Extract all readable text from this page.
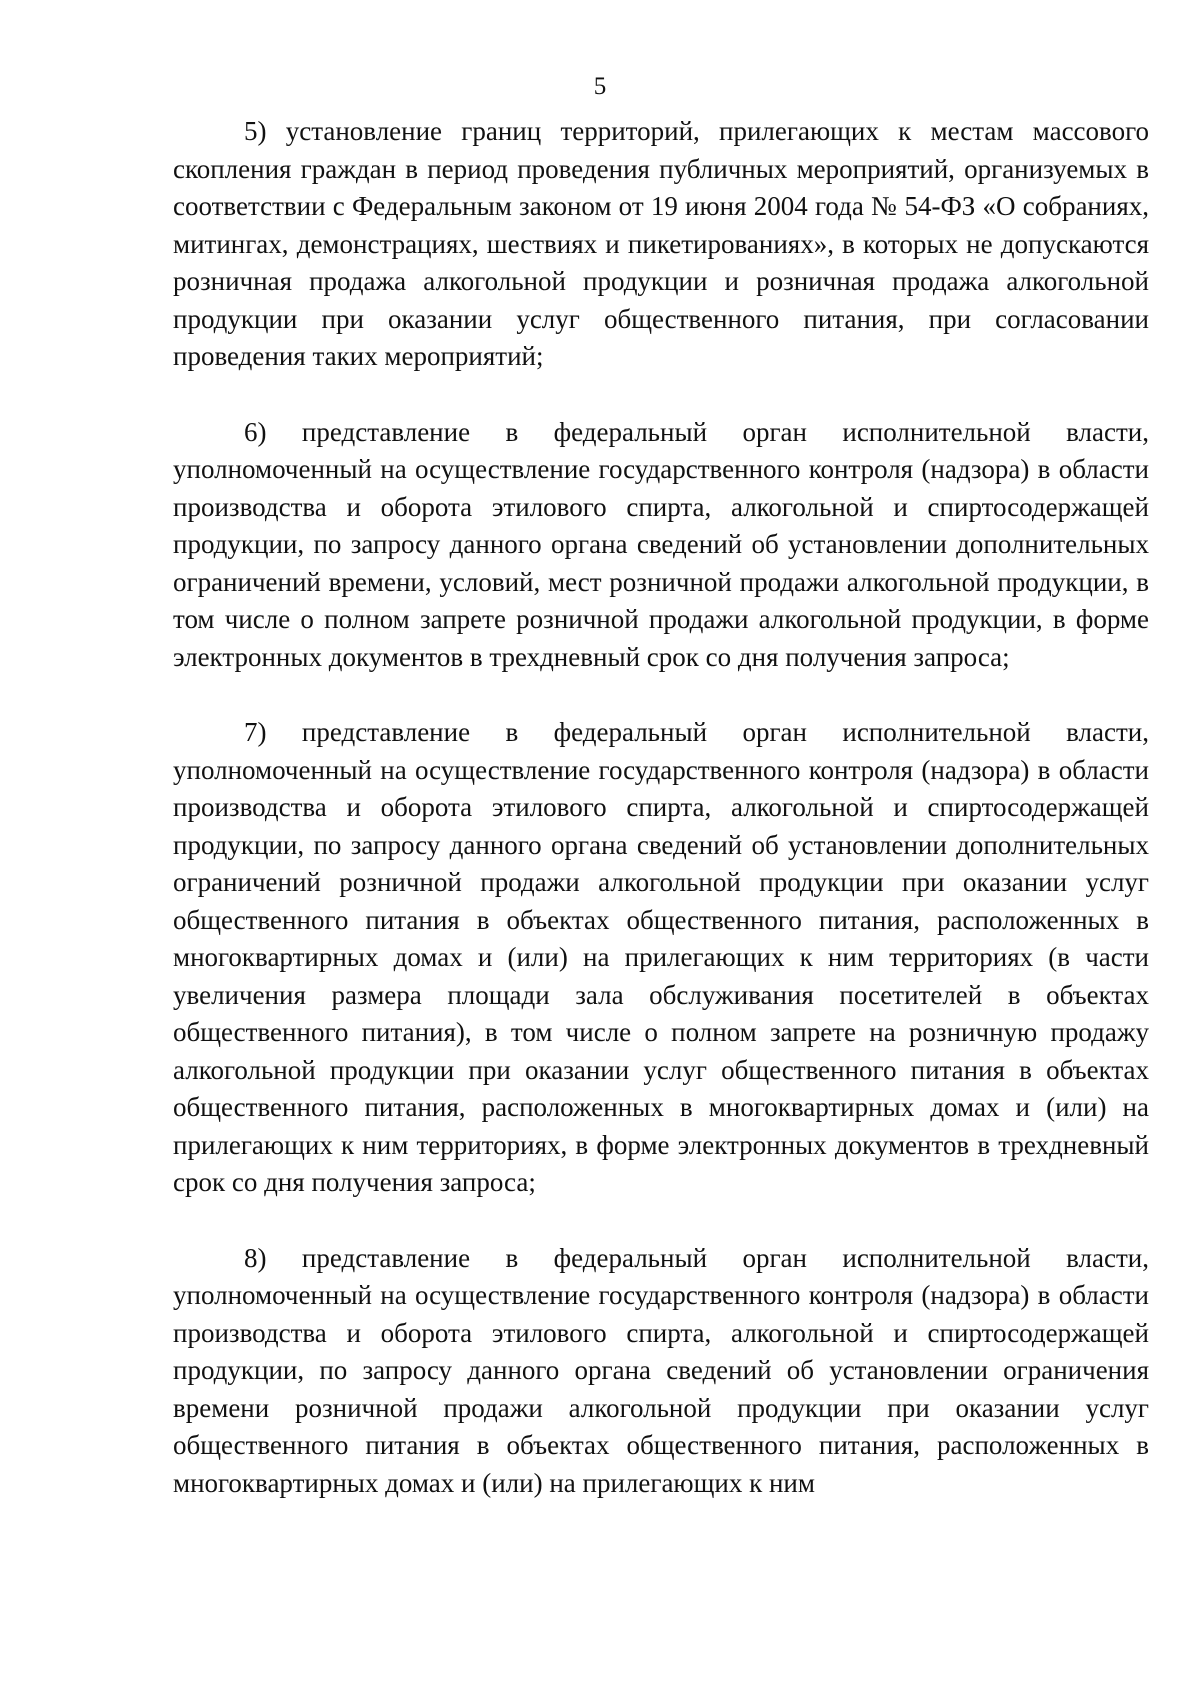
5

5) установление границ территорий, прилегающих к местам массового скопления граждан в период проведения публичных мероприятий, организуемых в соответствии с Федеральным законом от 19 июня 2004 года № 54-ФЗ «О собраниях, митингах, демонстрациях, шествиях и пикетированиях», в которых не допускаются розничная продажа алкогольной продукции и розничная продажа алкогольной продукции при оказании услуг общественного питания, при согласовании проведения таких мероприятий;

6) представление в федеральный орган исполнительной власти, уполномоченный на осуществление государственного контроля (надзора) в области производства и оборота этилового спирта, алкогольной и спиртосодержащей продукции, по запросу данного органа сведений об установлении дополнительных ограничений времени, условий, мест розничной продажи алкогольной продукции, в том числе о полном запрете розничной продажи алкогольной продукции, в форме электронных документов в трехдневный срок со дня получения запроса;

7) представление в федеральный орган исполнительной власти, уполномоченный на осуществление государственного контроля (надзора) в области производства и оборота этилового спирта, алкогольной и спиртосодержащей продукции, по запросу данного органа сведений об установлении дополнительных ограничений розничной продажи алкогольной продукции при оказании услуг общественного питания в объектах общественного питания, расположенных в многоквартирных домах и (или) на прилегающих к ним территориях (в части увеличения размера площади зала обслуживания посетителей в объектах общественного питания), в том числе о полном запрете на розничную продажу алкогольной продукции при оказании услуг общественного питания в объектах общественного питания, расположенных в многоквартирных домах и (или) на прилегающих к ним территориях, в форме электронных документов в трехдневный срок со дня получения запроса;

8) представление в федеральный орган исполнительной власти, уполномоченный на осуществление государственного контроля (надзора) в области производства и оборота этилового спирта, алкогольной и спиртосодержащей продукции, по запросу данного органа сведений об установлении ограничения времени розничной продажи алкогольной продукции при оказании услуг общественного питания в объектах общественного питания, расположенных в многоквартирных домах и (или) на прилегающих к ним
